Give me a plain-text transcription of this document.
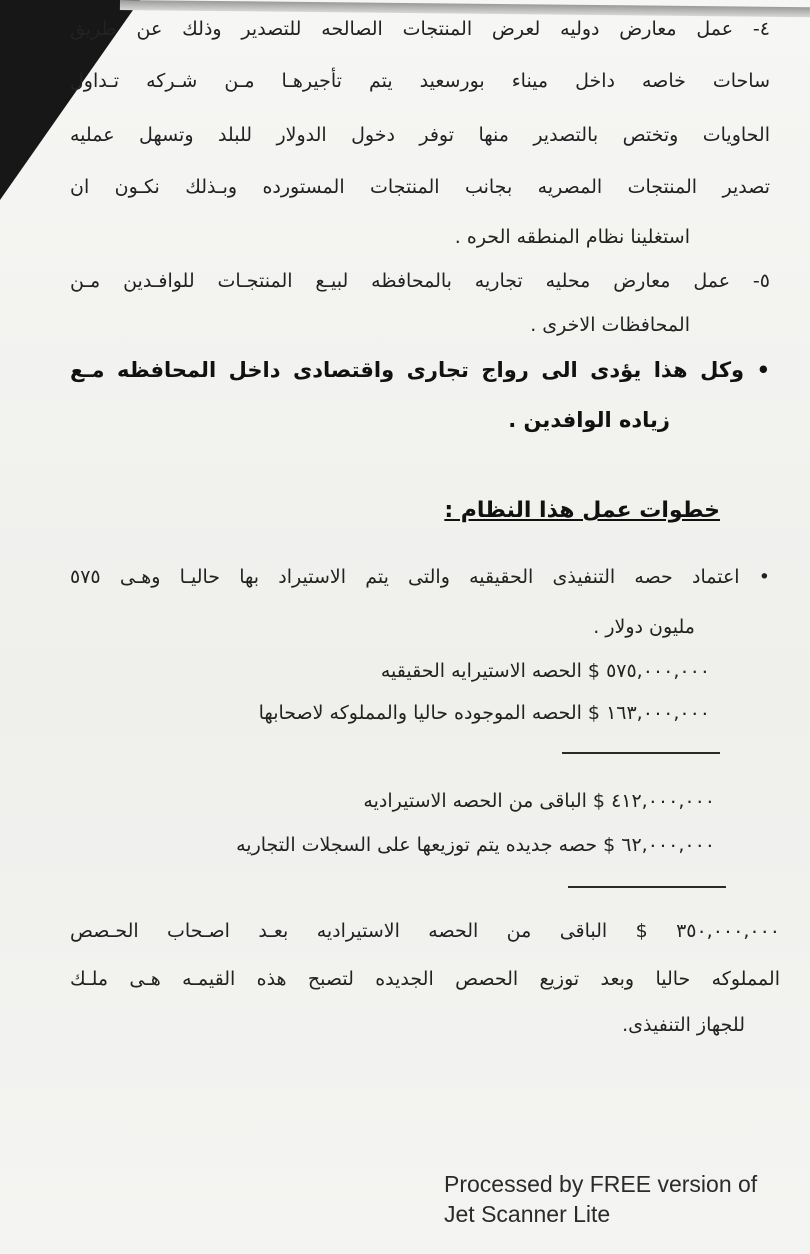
٤- عمل معارض دوليه لعرض المنتجات الصالحه للتصدير وذلك عن طريق
ساحات خاصه داخل ميناء بورسعيد يتم تأجيرهـا مـن شـركه تـداول
الحاويات وتختص بالتصدير منها توفر دخول الدولار للبلد وتسهل عمليه
تصدير المنتجات المصريه بجانب المنتجات المستورده وبـذلك نكـون ان
استغلينا نظام المنطقه الحره .
٥- عمل معارض محليه تجاريه بالمحافظه لبيـع المنتجـات للوافـدين مـن
المحافظات الاخرى .
• وكل هذا يؤدى الى رواج تجارى واقتصادى داخل المحافظه مـع
زياده الوافدين .
خطوات عمل هذا النظام :
• اعتماد حصه التنفيذى الحقيقيه والتى يتم الاستيراد بها حاليـا وهـى ٥٧٥
مليون دولار .
٥٧٥,٠٠٠,٠٠٠ $ الحصه الاستيرايه الحقيقيه
١٦٣,٠٠٠,٠٠٠ $ الحصه الموجوده حاليا والمملوكه لاصحابها
٤١٢,٠٠٠,٠٠٠ $ الباقى من الحصه الاستيراديه
٦٢,٠٠٠,٠٠٠ $ حصه جديده يتم توزيعها على السجلات التجاريه
٣٥٠,٠٠٠,٠٠٠ $ الباقى من الحصه الاستيراديه بعـد اصـحاب الحـصص
المملوكه حاليا وبعد توزيع الحصص الجديده لتصبح هذه القيمـه هـى ملـك
للجهاز التنفيذى.
Processed by FREE version of
Jet Scanner Lite
